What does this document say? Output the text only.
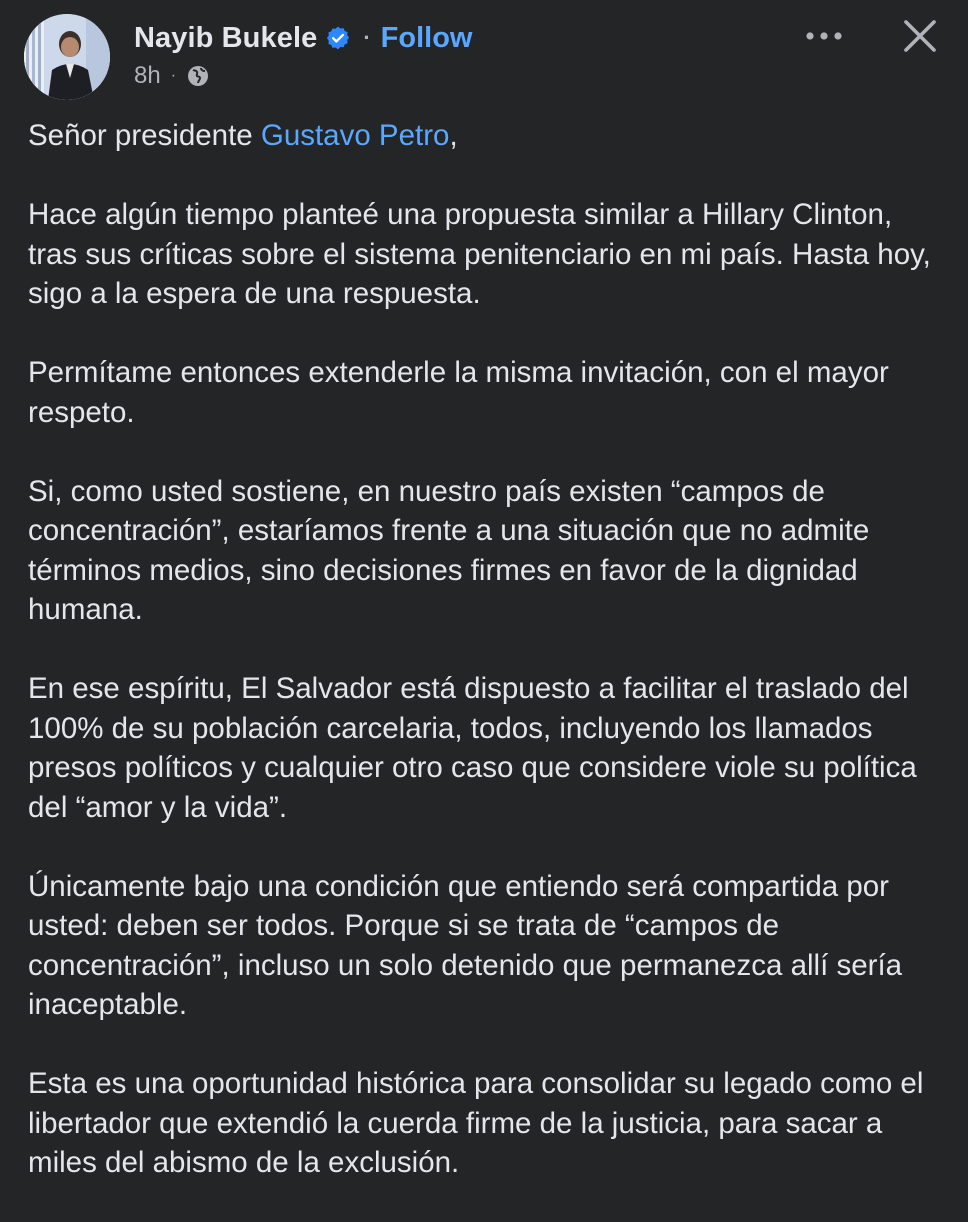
Nayib Bukele · Follow
8h ·

Señor presidente Gustavo Petro,

Hace algún tiempo planteé una propuesta similar a Hillary Clinton, tras sus críticas sobre el sistema penitenciario en mi país. Hasta hoy, sigo a la espera de una respuesta.

Permítame entonces extenderle la misma invitación, con el mayor respeto.

Si, como usted sostiene, en nuestro país existen “campos de concentración”, estaríamos frente a una situación que no admite términos medios, sino decisiones firmes en favor de la dignidad humana.

En ese espíritu, El Salvador está dispuesto a facilitar el traslado del 100% de su población carcelaria, todos, incluyendo los llamados presos políticos y cualquier otro caso que considere viole su política del “amor y la vida”.

Únicamente bajo una condición que entiendo será compartida por usted: deben ser todos. Porque si se trata de “campos de concentración”, incluso un solo detenido que permanezca allí sería inaceptable.

Esta es una oportunidad histórica para consolidar su legado como el libertador que extendió la cuerda firme de la justicia, para sacar a miles del abismo de la exclusión.
